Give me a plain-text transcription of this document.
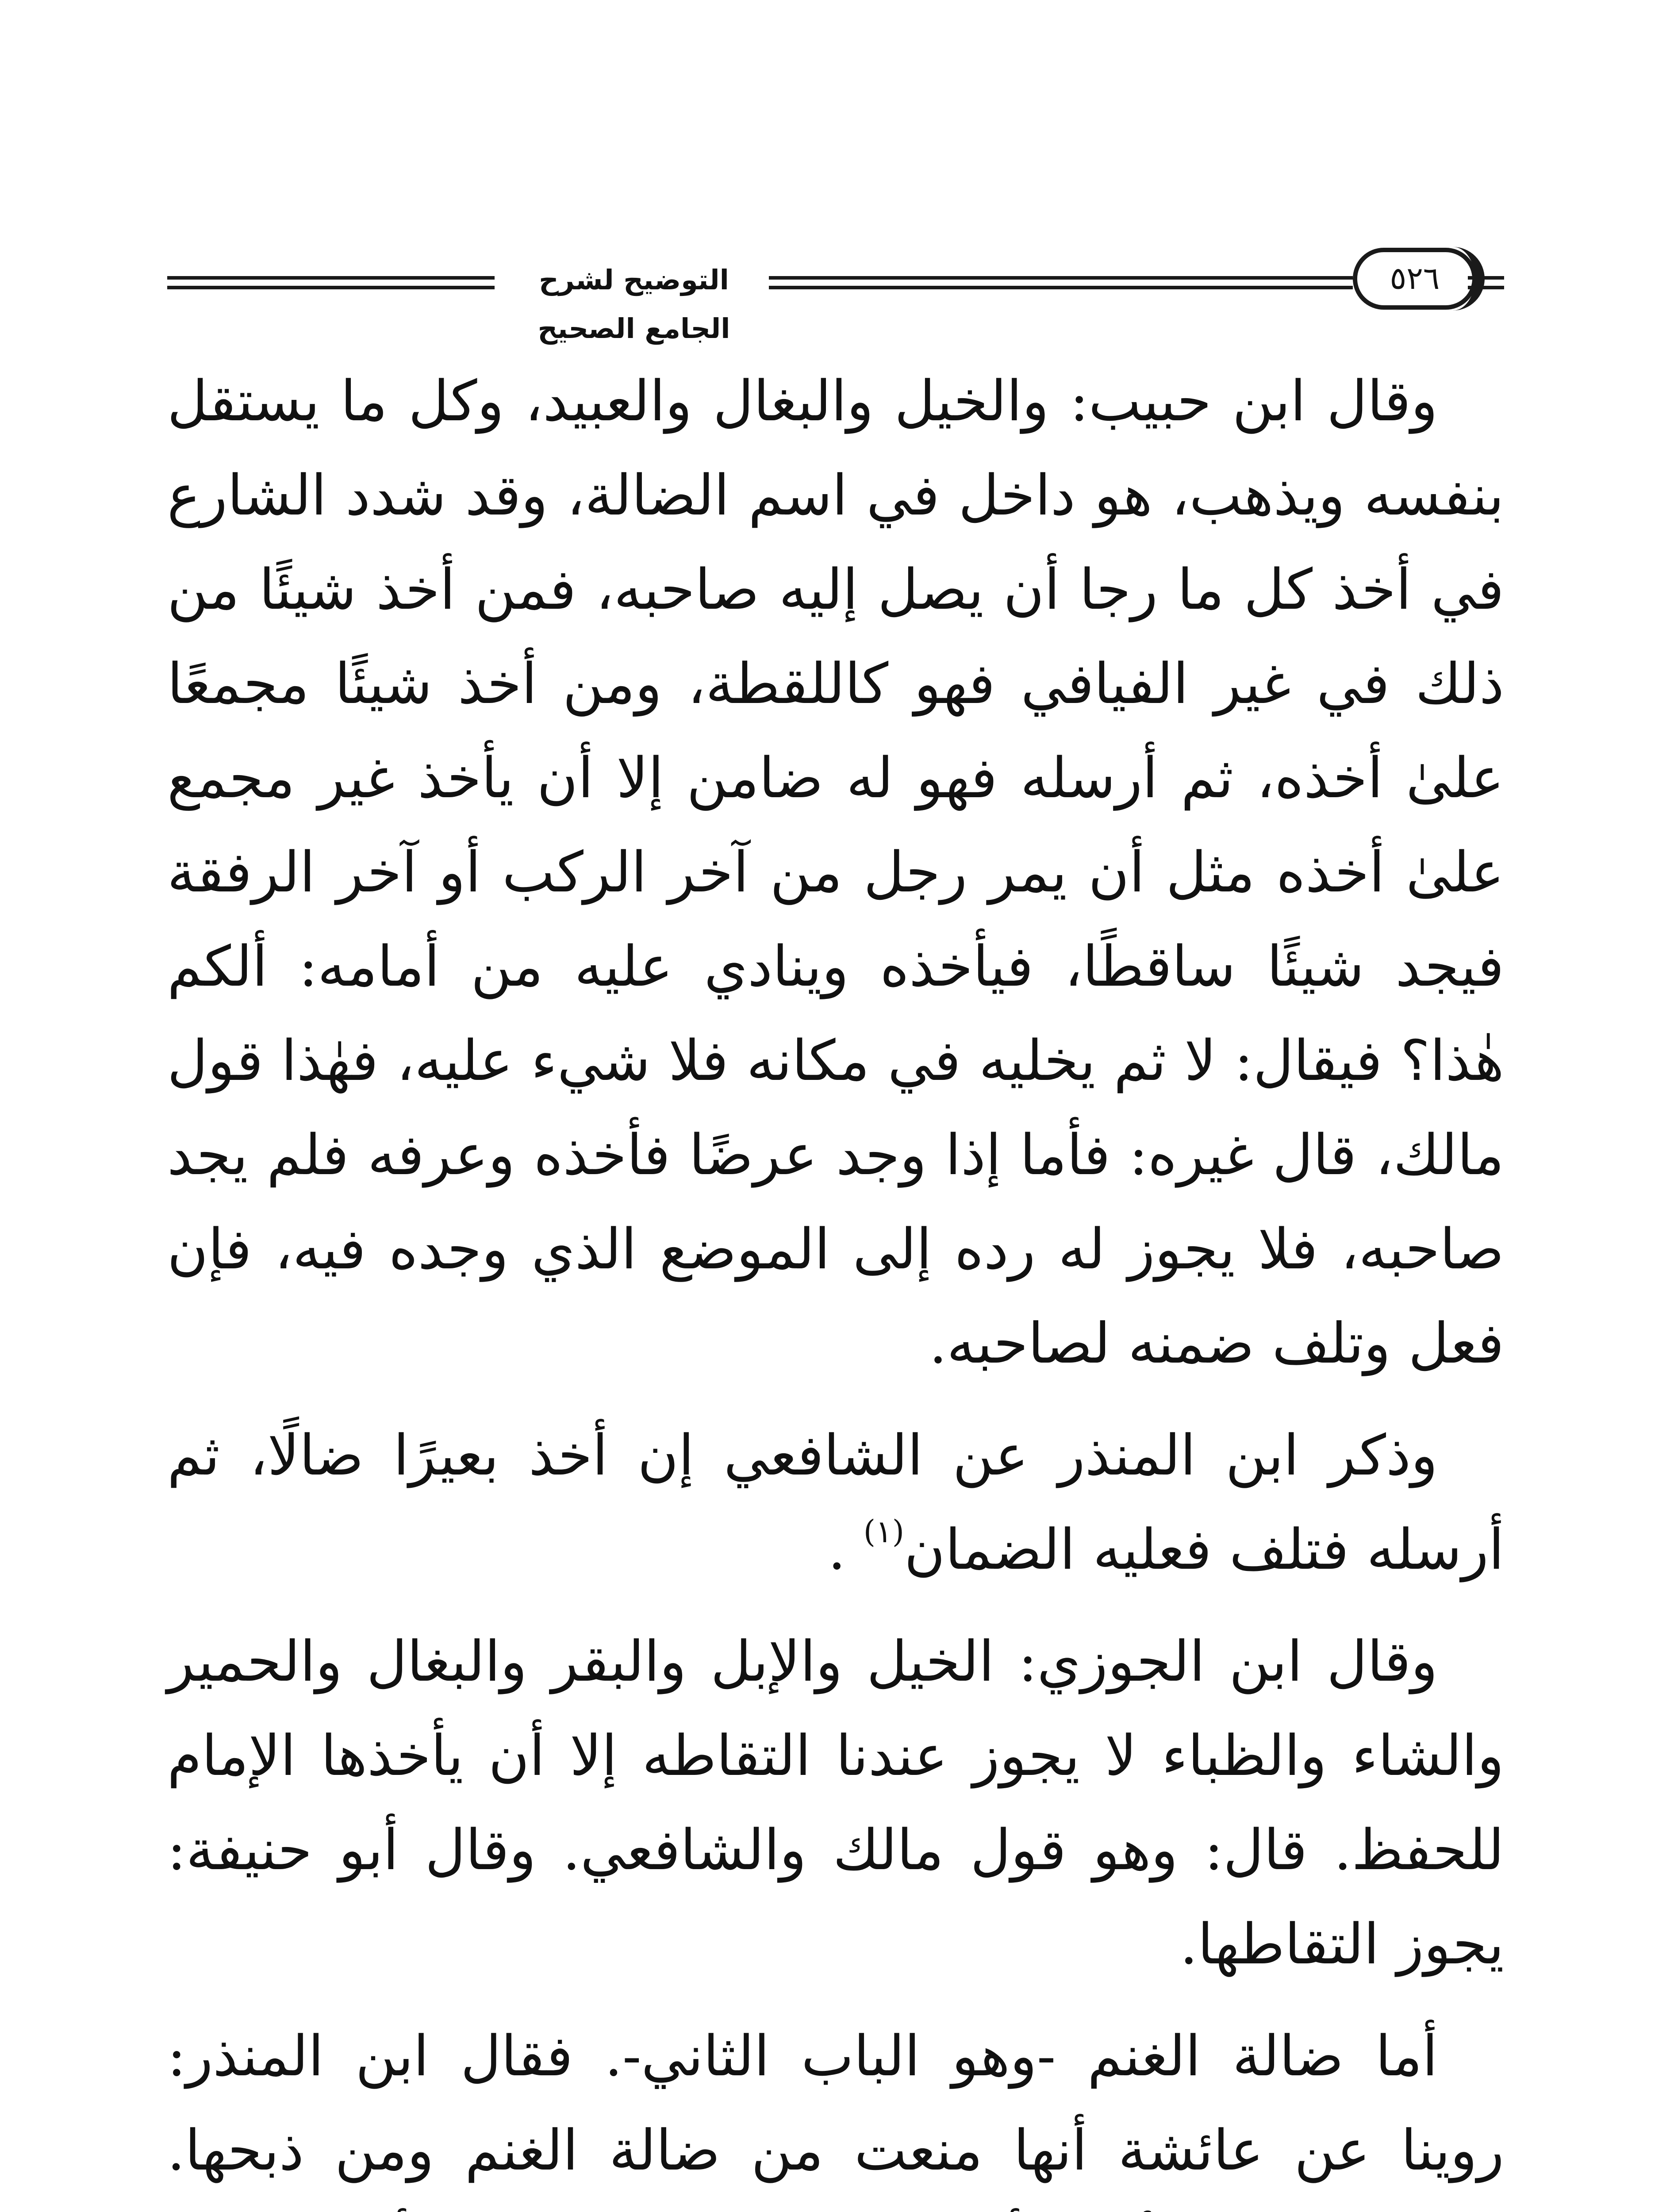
التوضيح لشرح الجامع الصحيح
٥٢٦

وقال ابن حبيب: والخيل والبغال والعبيد، وكل ما يستقل بنفسه ويذهب، هو داخل في اسم الضالة، وقد شدد الشارع في أخذ كل ما رجا أن يصل إليه صاحبه، فمن أخذ شيئًا من ذلك في غير الفيافي فهو كاللقطة، ومن أخذ شيئًا مجمعًا علىٰ أخذه، ثم أرسله فهو له ضامن إلا أن يأخذ غير مجمع علىٰ أخذه مثل أن يمر رجل من آخر الركب أو آخر الرفقة فيجد شيئًا ساقطًا، فيأخذه وينادي عليه من أمامه: ألكم هٰذا؟ فيقال: لا ثم يخليه في مكانه فلا شيء عليه، فهٰذا قول مالك، قال غيره: فأما إذا وجد عرضًا فأخذه وعرفه فلم يجد صاحبه، فلا يجوز له رده إلى الموضع الذي وجده فيه، فإن فعل وتلف ضمنه لصاحبه.

وذكر ابن المنذر عن الشافعي إن أخذ بعيرًا ضالًا، ثم أرسله فتلف فعليه الضمان$^{(١)}$ .

وقال ابن الجوزي: الخيل والإبل والبقر والبغال والحمير والشاء والظباء لا يجوز عندنا التقاطه إلا أن يأخذها الإمام للحفظ. قال: وهو قول مالك والشافعي. وقال أبو حنيفة: يجوز التقاطها.

أما ضالة الغنم -وهو الباب الثاني-. فقال ابن المنذر: روينا عن عائشة أنها منعت من ضالة الغنم ومن ذبحها.
